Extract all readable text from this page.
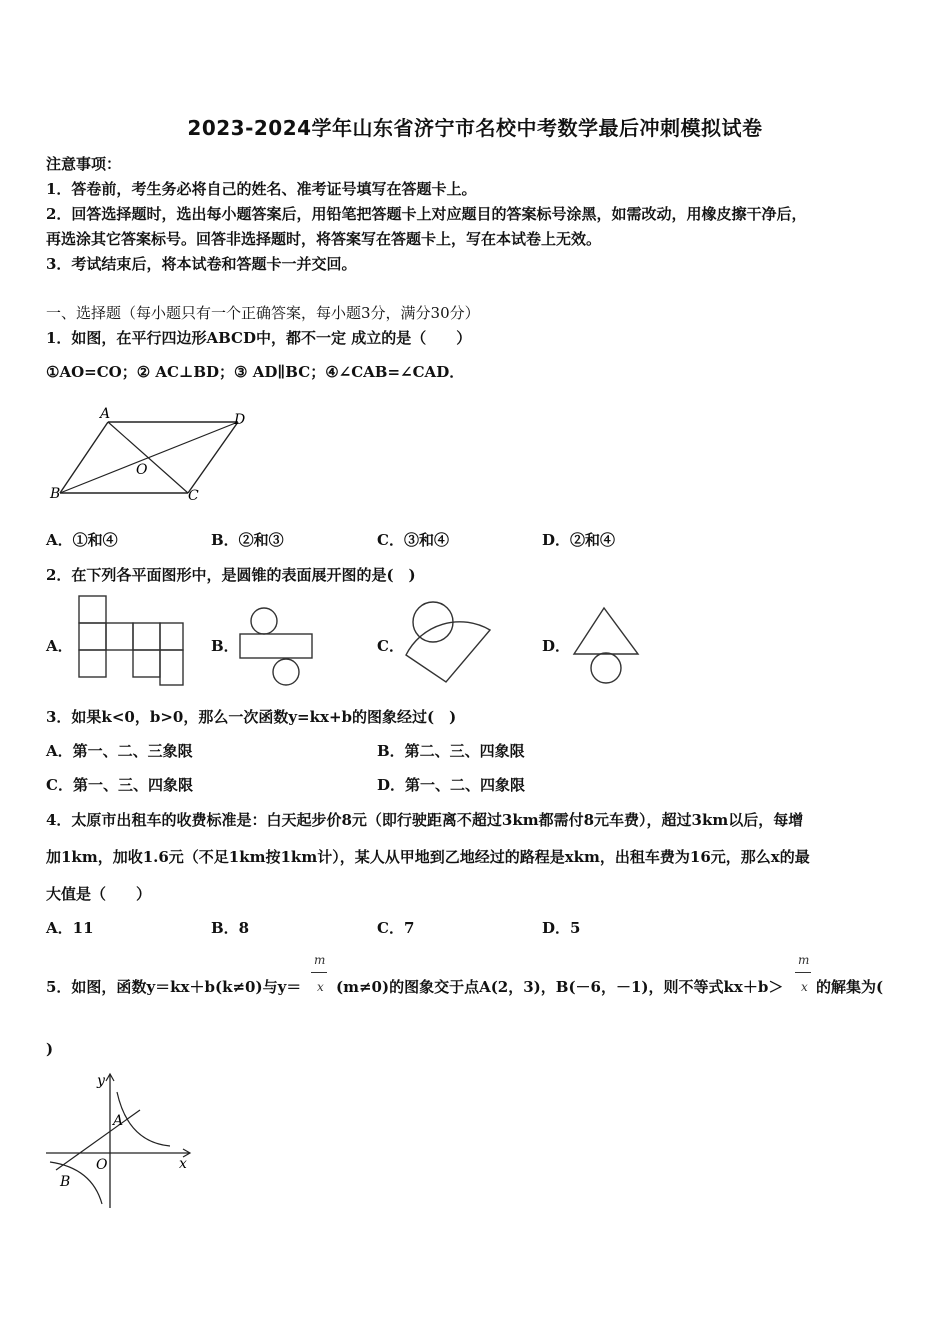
2023-2024学年山东省济宁市名校中考数学最后冲刺模拟试卷
注意事项：
1．答卷前，考生务必将自己的姓名、准考证号填写在答题卡上。
2．回答选择题时，选出每小题答案后，用铅笔把答题卡上对应题目的答案标号涂黑，如需改动，用橡皮擦干净后，
再选涂其它答案标号。回答非选择题时，将答案写在答题卡上，写在本试卷上无效。
3．考试结束后，将本试卷和答题卡一并交回。
一、选择题（每小题只有一个正确答案，每小题3分，满分30分）
1．如图，在平行四边形ABCD中，都不一定 成立的是（　　）
①AO=CO；② AC⊥BD；③ AD∥BC；④∠CAB=∠CAD．
A	D
B	C
O
A．①和④	B．②和③	C．③和④	D．②和④
2．在下列各平面图形中，是圆锥的表面展开图的是(　)
A．	B．	C．	D．
3．如果k<0，b>0，那么一次函数y=kx+b的图象经过(　)
A．第一、二、三象限	B．第二、三、四象限
C．第一、三、四象限	D．第一、二、四象限
4．太原市出租车的收费标准是：白天起步价8元（即行驶距离不超过3km都需付8元车费），超过3km以后，每增
加1km，加收1.6元（不足1km按1km计），某人从甲地到乙地经过的路程是xkm，出租车费为16元，那么x的最
大值是（　　）
A．11	B．8	C．7	D．5
5．如图，函数y＝kx＋b(k≠0)与y＝
m
x (m≠0)的图象交于点A(2，3)，B(－6，－1)，则不等式kx＋b＞
m
x 的解集为(
)
y
x
O
A
B
